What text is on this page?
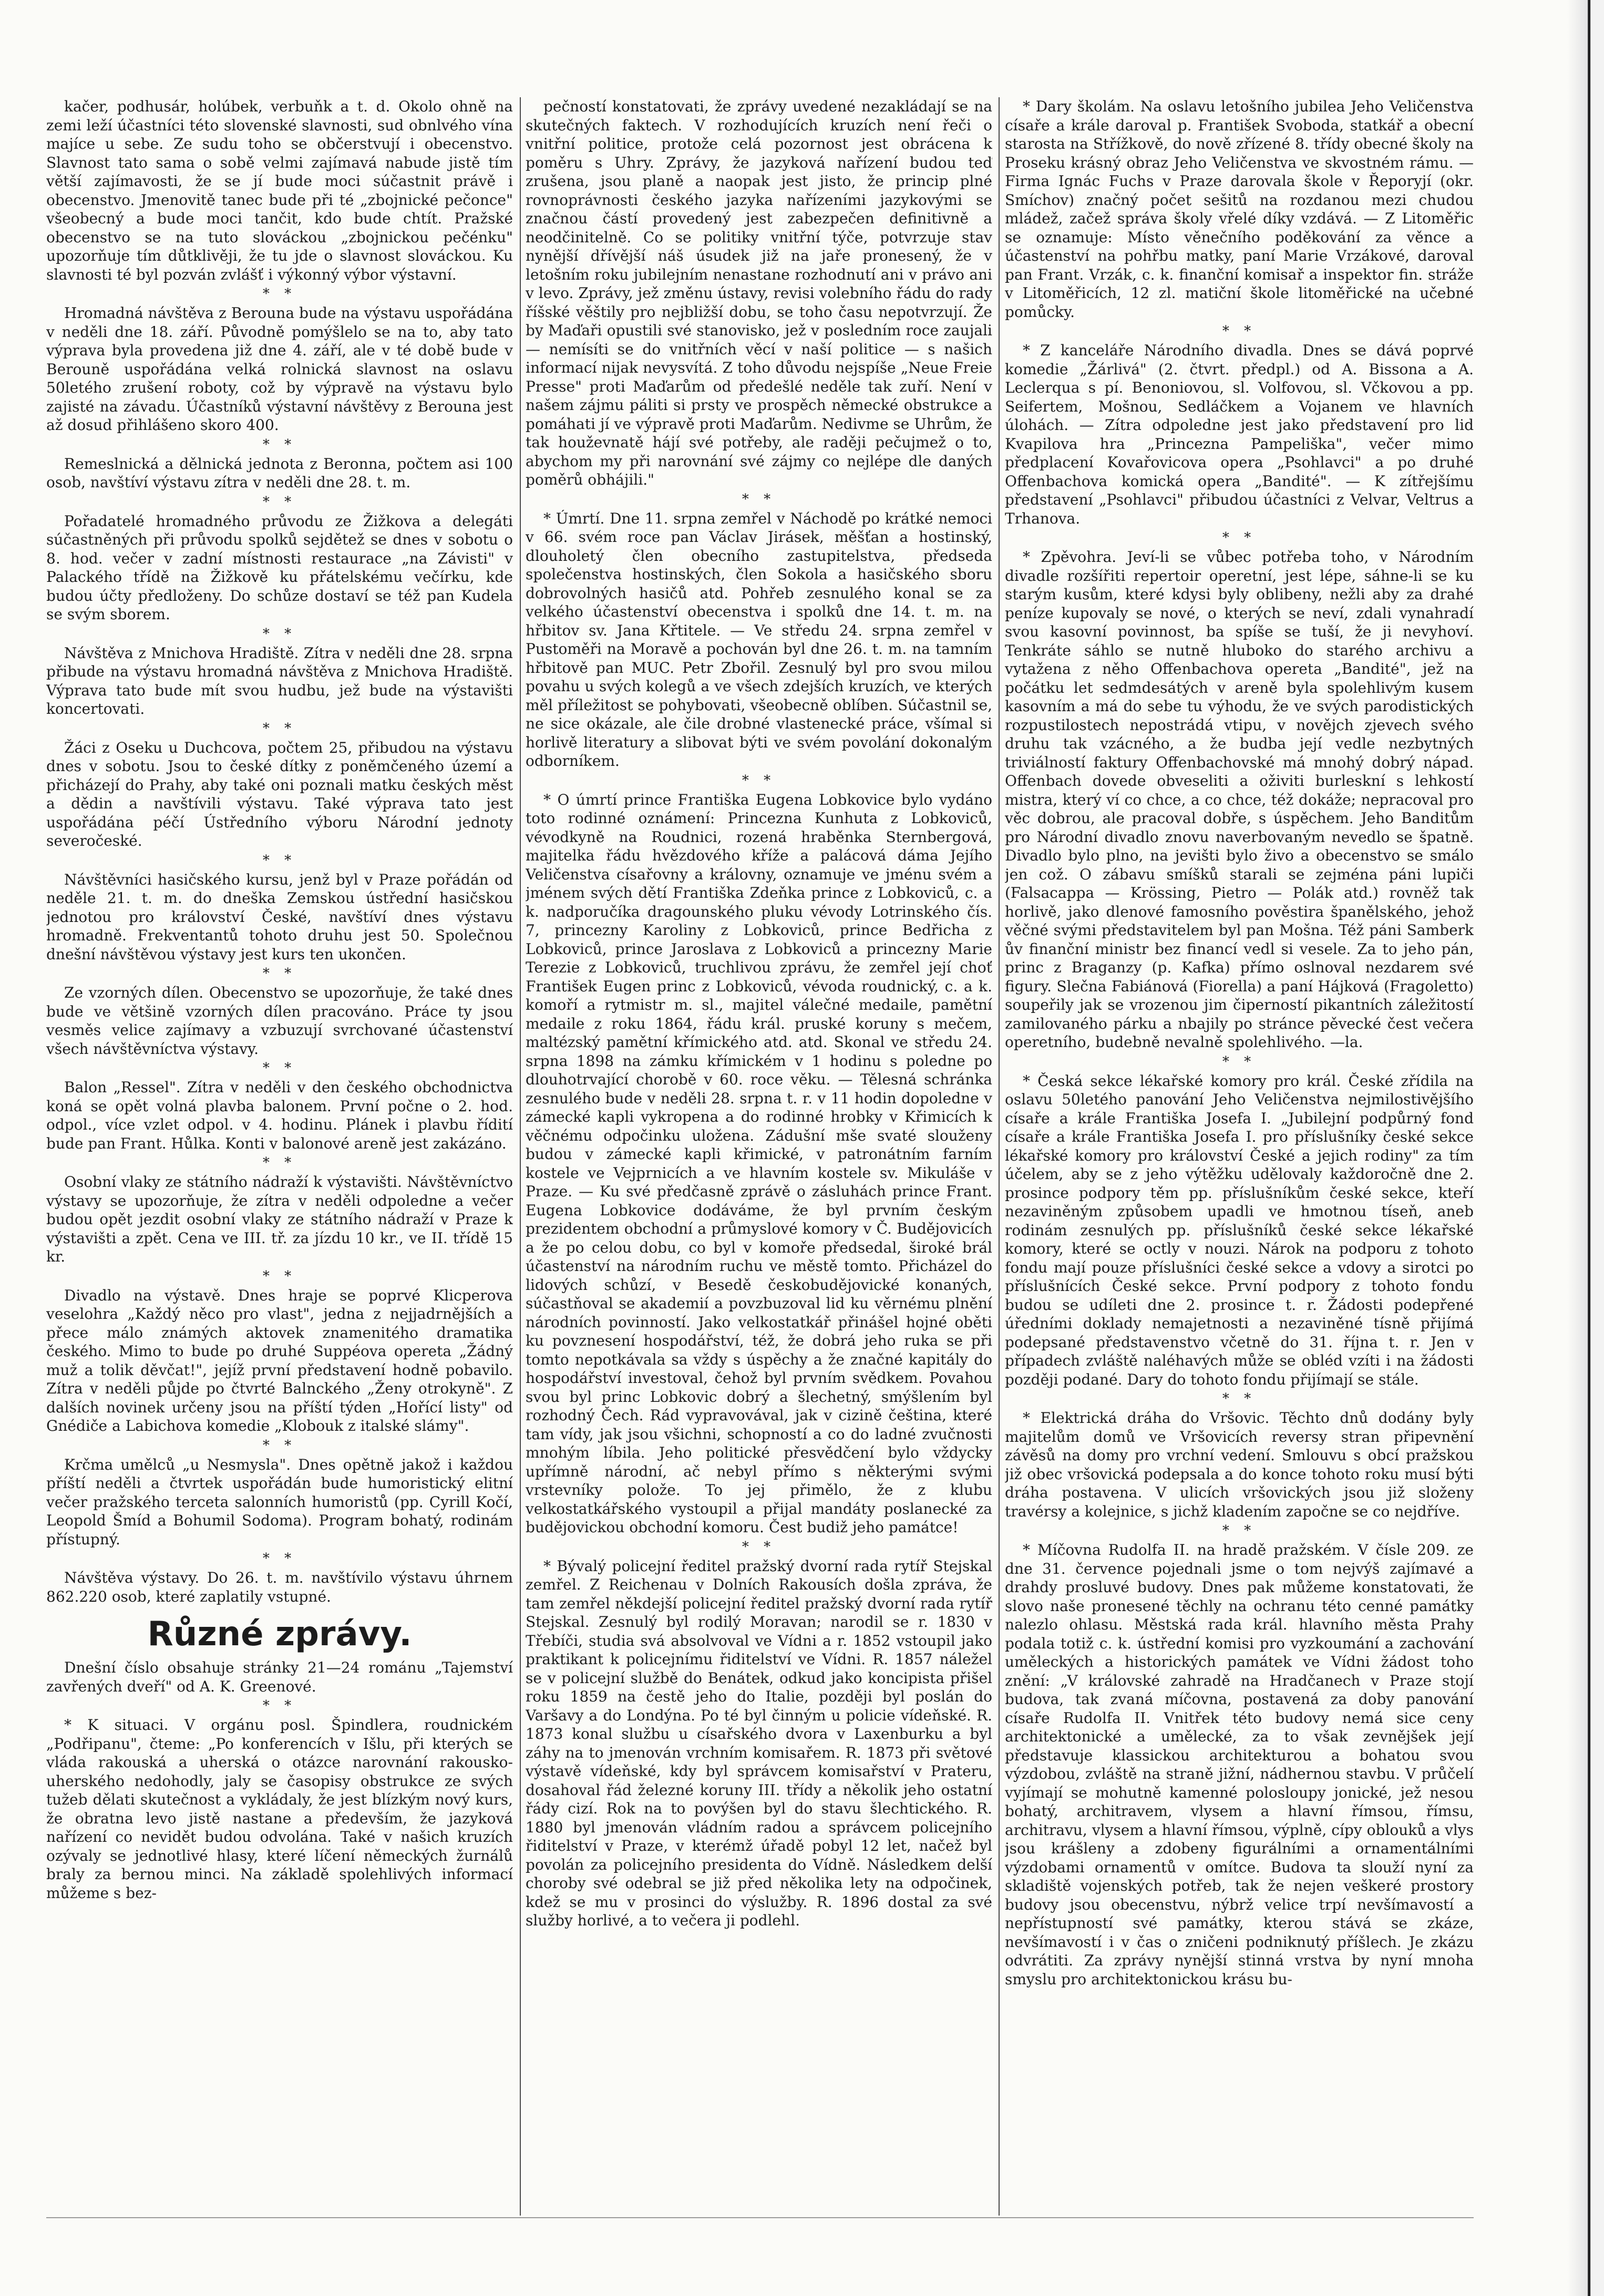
kačer, podhusár, holúbek, verbuňk a t. d. Okolo ohně na zemi leží účastníci této slovenské slavnosti, sud obnlvého vína majíce u sebe. Ze sudu toho se občerstvují i obecenstvo. Slavnost tato sama o sobě velmi zajímavá nabude jistě tím větší zajímavosti, že se jí bude moci súčastnit právě i obecenstvo. Jmenovitě tanec bude při té „zbojnické pečonce" všeobecný a bude moci tančit, kdo bude chtít. Pražské obecenstvo se na tuto slováckou „zbojnickou pečénku" upozorňuje tím důtklivěji, že tu jde o slavnost slováckou. Ku slavnosti té byl pozván zvlášť i výkonný výbor výstavní.

* *

Hromadná návštěva z Berouna bude na výstavu uspořádána v neděli dne 18. září. Původně pomýšlelo se na to, aby tato výprava byla provedena již dne 4. září, ale v té době bude v Berouně uspořádána velká rolnická slavnost na oslavu 50letého zrušení roboty, což by výpravě na výstavu bylo zajisté na závadu. Účastníků výstavní návštěvy z Berouna jest až dosud přihlášeno skoro 400.

* *

Remeslnická a dělnická jednota z Beronna, počtem asi 100 osob, navštíví výstavu zítra v neděli dne 28. t. m.

* *

Pořadatelé hromadného průvodu ze Žižkova a delegáti súčastněných při průvodu spolků sejdětež se dnes v sobotu o 8. hod. večer v zadní místnosti restaurace „na Závisti" v Palackého třídě na Žižkově ku přátelskému večírku, kde budou účty předloženy. Do schůze dostaví se též pan Kudela se svým sborem.

* *

Návštěva z Mnichova Hradiště. Zítra v neděli dne 28. srpna přibude na výstavu hromadná návštěva z Mnichova Hradiště. Výprava tato bude mít svou hudbu, jež bude na výstavišti koncertovati.

* *

Žáci z Oseku u Duchcova, počtem 25, přibudou na výstavu dnes v sobotu. Jsou to české dítky z poněmčeného území a přicházejí do Prahy, aby také oni poznali matku českých měst a dědin a navštívili výstavu. Také výprava tato jest uspořádána péčí Ústředního výboru Národní jednoty severočeské.

* *

Návštěvníci hasičského kursu, jenž byl v Praze pořádán od neděle 21. t. m. do dneška Zemskou ústřední hasičskou jednotou pro království České, navštíví dnes výstavu hromadně. Frekventantů tohoto druhu jest 50. Společnou dnešní návštěvou výstavy jest kurs ten ukončen.

* *

Ze vzorných dílen. Obecenstvo se upozorňuje, že také dnes bude ve většině vzorných dílen pracováno. Práce ty jsou vesměs velice zajímavy a vzbuzují svrchované účastenství všech návštěvníctva výstavy.

* *

Balon „Ressel". Zítra v neděli v den českého obchodnictva koná se opět volná plavba balonem. První počne o 2. hod. odpol., více vzlet odpol. v 4. hodinu. Plánek i plavbu řídití bude pan Frant. Hůlka. Konti v balonové areně jest zakázáno.

* *

Osobní vlaky ze státního nádraží k výstavišti. Návštěvníctvo výstavy se upozorňuje, že zítra v neděli odpoledne a večer budou opět jezdit osobní vlaky ze státního nádraží v Praze k výstavišti a zpět. Cena ve III. tř. za jízdu 10 kr., ve II. třídě 15 kr.

* *

Divadlo na výstavě. Dnes hraje se poprvé Klicperova veselohra „Každý něco pro vlast", jedna z nejjadrnějších a přece málo známých aktovek znamenitého dramatika českého. Mimo to bude po druhé Suppéova opereta „Žádný muž a tolik děvčat!", jejíž první představení hodně pobavilo. Zítra v neděli půjde po čtvrté Balnckého „Ženy otrokyně". Z dalších novinek určeny jsou na příští týden „Hořící listy" od Gnédiče a Labichova komedie „Klobouk z italské slámy".

* *

Krčma umělců „u Nesmysla". Dnes opětně jakož i každou příští neděli a čtvrtek uspořádán bude humoristický elitní večer pražského terceta salonních humoristů (pp. Cyrill Kočí, Leopold Šmíd a Bohumil Sodoma). Program bohatý, rodinám přístupný.

* *

Návštěva výstavy. Do 26. t. m. navštívilo výstavu úhrnem 862.220 osob, které zaplatily vstupné.

Různé zprávy.

Dnešní číslo obsahuje stránky 21—24 románu „Tajemství zavřených dveří" od A. K. Greenové.

* *

* K situaci. V orgánu posl. Špindlera, roudnickém „Podřipanu", čteme: „Po konferencích v Išlu, při kterých se vláda rakouská a uherská o otázce narovnání rakousko-uherského nedohodly, jaly se časopisy obstrukce ze svých tužeb dělati skutečnost a vykládaly, že jest blízkým nový kurs, že obratna levo jistě nastane a především, že jazyková nařízení co nevidět budou odvolána. Také v našich kruzích ozývaly se jednotlivé hlasy, které líčení německých žurnálů braly za bernou minci. Na základě spolehlivých informací můžeme s bez-

pečností konstatovati, že zprávy uvedené nezakládají se na skutečných faktech. V rozhodujících kruzích není řeči o vnitřní politice, protože celá pozornost jest obrácena k poměru s Uhry. Zprávy, že jazyková nařízení budou teď zrušena, jsou planě a naopak jest jisto, že princip plné rovnoprávnosti českého jazyka nařízeními jazykovými se značnou částí provedený jest zabezpečen definitivně a neodčinitelně. Co se politiky vnitřní týče, potvrzuje stav nynější dřívější náš úsudek již na jaře pronesený, že v letošním roku jubilejním nenastane rozhodnutí ani v právo ani v levo. Zprávy, jež změnu ústavy, revisi volebního řádu do rady říšské věštily pro nejbližší dobu, se toho času nepotvrzují. Že by Maďaři opustili své stanovisko, jež v posledním roce zaujali — nemísíti se do vnitřních věcí v naší politice — s našich informací nijak nevysvítá. Z toho důvodu nejspíše „Neue Freie Presse" proti Maďarům od předešlé neděle tak zuří. Není v našem zájmu páliti si prsty ve prospěch německé obstrukce a pomáhati jí ve výpravě proti Maďarům. Nedivme se Uhrům, že tak houževnatě hájí své potřeby, ale raději pečujmež o to, abychom my při narovnání své zájmy co nejlépe dle daných poměrů obhájili."

* *

* Úmrtí. Dne 11. srpna zemřel v Náchodě po krátké nemoci v 66. svém roce pan Václav Jirásek, měšťan a hostinský, dlouholetý člen obecního zastupitelstva, předseda společenstva hostinských, člen Sokola a hasičského sboru dobrovolných hasičů atd. Pohřeb zesnulého konal se za velkého účastenství obecenstva i spolků dne 14. t. m. na hřbitov sv. Jana Křtitele. — Ve středu 24. srpna zemřel v Pustoměři na Moravě a pochován byl dne 26. t. m. na tamním hřbitově pan MUC. Petr Zbořil. Zesnulý byl pro svou milou povahu u svých kolegů a ve všech zdejších kruzích, ve kterých měl příležitost se pohybovati, všeobecně oblíben. Súčastnil se, ne sice okázale, ale čile drobné vlastenecké práce, všímal si horlivě literatury a slibovat býti ve svém povolání dokonalým odborníkem.

* *

* O úmrtí prince Františka Eugena Lobkovice bylo vydáno toto rodinné oznámení: Princezna Kunhuta z Lobkoviců, vévodkyně na Roudnici, rozená hraběnka Sternbergová, majitelka řádu hvězdového kříže a palácová dáma Jejího Veličenstva císařovny a královny, oznamuje ve jménu svém a jménem svých dětí Františka Zdeňka prince z Lobkoviců, c. a k. nadporučíka dragounského pluku vévody Lotrinského čís. 7, princezny Karoliny z Lobkoviců, prince Bedřicha z Lobkoviců, prince Jaroslava z Lobkoviců a princezny Marie Terezie z Lobkoviců, truchlivou zprávu, že zemřel její choť František Eugen princ z Lobkoviců, vévoda roudnický, c. a k. komoří a rytmistr m. sl., majitel válečné medaile, pamětní medaile z roku 1864, řádu král. pruské koruny s mečem, maltézský pamětní křímického atd. atd. Skonal ve středu 24. srpna 1898 na zámku křímickém v 1 hodinu s poledne po dlouhotrvající chorobě v 60. roce věku. — Tělesná schránka zesnulého bude v neděli 28. srpna t. r. v 11 hodin dopoledne v zámecké kapli vykropena a do rodinné hrobky v Křimicích k věčnému odpočinku uložena. Zádušní mše svaté slouženy budou v zámecké kapli křimické, v patronátním farním kostele ve Vejprnicích a ve hlavním kostele sv. Mikuláše v Praze. — Ku své předčasně zprávě o zásluhách prince Frant. Eugena Lobkovice dodáváme, že byl prvním českým prezidentem obchodní a průmyslové komory v Č. Budějovicích a že po celou dobu, co byl v komoře předsedal, široké brál účastenství na národním ruchu ve městě tomto. Přicházel do lidových schůzí, v Besedě českobudějovické konaných, súčastňoval se akademií a povzbuzoval lid ku věrnému plnění národních povinností. Jako velkostatkář přinášel hojné oběti ku povznesení hospodářství, též, že dobrá jeho ruka se při tomto nepotkávala sa vždy s úspěchy a že značné kapitály do hospodářství investoval, čehož byl prvním svědkem. Povahou svou byl princ Lobkovic dobrý a šlechetný, smýšlením byl rozhodný Čech. Rád vypravovával, jak v cizině čeština, které tam vídy, jak jsou všichni, schopností a co do ladné zvučnosti mnohým líbila. Jeho politické přesvědčení bylo vždycky upřímně národní, ač nebyl přímo s některými svými vrstevníky polože. To jej přimělo, že z klubu velkostatkářského vystoupil a přijal mandáty poslanecké za budějovickou obchodní komoru. Čest budiž jeho památce!

* *

* Bývalý policejní ředitel pražský dvorní rada rytíř Stejskal zemřel. Z Reichenau v Dolních Rakousích došla zpráva, že tam zemřel někdejší policejní ředitel pražský dvorní rada rytíř Stejskal. Zesnulý byl rodilý Moravan; narodil se r. 1830 v Třebíči, studia svá absolvoval ve Vídni a r. 1852 vstoupil jako praktikant k policejnímu řiditelství ve Vídni. R. 1857 náležel se v policejní službě do Benátek, odkud jako koncipista přišel roku 1859 na čestě jeho do Italie, později byl poslán do Varšavy a do Londýna. Po té byl činným u policie vídeňské. R. 1873 konal službu u císařského dvora v Laxenburku a byl záhy na to jmenován vrchním komisařem. R. 1873 při světové výstavě vídeňské, kdy byl správcem komisařství v Prateru, dosahoval řád železné koruny III. třídy a několik jeho ostatní řády cizí. Rok na to povýšen byl do stavu šlechtického. R. 1880 byl jmenován vládním radou a správcem policejního řiditelství v Praze, v kterémž úřadě pobyl 12 let, načež byl povolán za policejního presidenta do Vídně. Následkem delší choroby své odebral se již před několika lety na odpočinek, kdež se mu v prosinci do výslužby. R. 1896 dostal za své služby horlivé, a to večera ji podlehl.

* Dary školám. Na oslavu letošního jubilea Jeho Veličenstva císaře a krále daroval p. František Svoboda, statkář a obecní starosta na Střížkově, do nově zřízené 8. třídy obecné školy na Proseku krásný obraz Jeho Veličenstva ve skvostném rámu. — Firma Ignác Fuchs v Praze darovala škole v Řeporyjí (okr. Smíchov) značný počet sešitů na rozdanou mezi chudou mládež, začež správa školy vřelé díky vzdává. — Z Litoměřic se oznamuje: Místo věnečního poděkování za věnce a účastenství na pohřbu matky, paní Marie Vrzákové, daroval pan Frant. Vrzák, c. k. finanční komisař a inspektor fin. stráže v Litoměřicích, 12 zl. matiční škole litoměřické na učebné pomůcky.

* *

* Z kanceláře Národního divadla. Dnes se dává poprvé komedie „Žárlivá" (2. čtvrt. předpl.) od A. Bissona a A. Leclerqua s pí. Benoniovou, sl. Volfovou, sl. Včkovou a pp. Seifertem, Mošnou, Sedláčkem a Vojanem ve hlavních úlohách. — Zítra odpoledne jest jako představení pro lid Kvapilova hra „Princezna Pampeliška", večer mimo předplacení Kovařovicova opera „Psohlavci" a po druhé Offenbachova komická opera „Bandité". — K zítřejšímu představení „Psohlavci" přibudou účastníci z Velvar, Veltrus a Trhanova.

* *

* Zpěvohra. Jeví-li se vůbec potřeba toho, v Národním divadle rozšířiti repertoir operetní, jest lépe, sáhne-li se ku starým kusům, které kdysi byly oblibeny, nežli aby za drahé peníze kupovaly se nové, o kterých se neví, zdali vynahradí svou kasovní povinnost, ba spíše se tuší, že ji nevyhoví. Tenkráte sáhlo se nutně hluboko do starého archivu a vytažena z něho Offenbachova opereta „Bandité", jež na počátku let sedmdesátých v areně byla spolehlivým kusem kasovním a má do sebe tu výhodu, že ve svých parodistických rozpustilostech nepostrádá vtipu, v novějch zjevech svého druhu tak vzácného, a že budba její vedle nezbytných triviálností faktury Offenbachovské má mnohý dobrý nápad. Offenbach dovede obveseliti a oživiti burleskní s lehkostí mistra, který ví co chce, a co chce, též dokáže; nepracoval pro věc dobrou, ale pracoval dobře, s úspěchem. Jeho Banditům pro Národní divadlo znovu naverbovaným nevedlo se špatně. Divadlo bylo plno, na jevišti bylo živo a obecenstvo se smálo jen což. O zábavu smíšků starali se zejména páni lupiči (Falsacappa — Krössing, Pietro — Polák atd.) rovněž tak horlivě, jako dlenové famosního pověstira španělského, jehož věčné svými představitelem byl pan Mošna. Též páni Samberk ův finanční ministr bez financí vedl si vesele. Za to jeho pán, princ z Braganzy (p. Kafka) přímo oslnoval nezdarem své figury. Slečna Fabiánová (Fiorella) a paní Hájková (Fragoletto) soupeřily jak se vrozenou jim čiperností pikantních záležitostí zamilovaného párku a nbajily po stránce pěvecké čest večera operetního, budebně nevalně spolehlivého. —la.

* *

* Česká sekce lékařské komory pro král. České zřídila na oslavu 50letého panování Jeho Veličenstva nejmilostivějšího císaře a krále Františka Josefa I. „Jubilejní podpůrný fond císaře a krále Františka Josefa I. pro příslušníky české sekce lékařské komory pro království České a jejich rodiny" za tím účelem, aby se z jeho výtěžku udělovaly každoročně dne 2. prosince podpory těm pp. příslušníkům české sekce, kteří nezaviněným způsobem upadli ve hmotnou tíseň, aneb rodinám zesnulých pp. příslušníků české sekce lékařské komory, které se octly v nouzi. Nárok na podporu z tohoto fondu mají pouze příslušníci české sekce a vdovy a sirotci po příslušnících České sekce. První podpory z tohoto fondu budou se udíleti dne 2. prosince t. r. Žádosti podepřené úředními doklady nemajetnosti a nezaviněné tísně přijímá podepsané představenstvo včetně do 31. října t. r. Jen v případech zvláště naléhavých může se obléd vzíti i na žádosti později podané. Dary do tohoto fondu přijímají se stále.

* *

* Elektrická dráha do Vršovic. Těchto dnů dodány byly majitelům domů ve Vršovicích reversy stran připevnění závěsů na domy pro vrchní vedení. Smlouvu s obcí pražskou již obec vršovická podepsala a do konce tohoto roku musí býti dráha postavena. V ulicích vršovických jsou již složeny travérsy a kolejnice, s jichž kladením započne se co nejdříve.

* *

* Míčovna Rudolfa II. na hradě pražském. V čísle 209. ze dne 31. července pojednali jsme o tom nejvýš zajímavé a drahdy prosluvé budovy. Dnes pak můžeme konstatovati, že slovo naše pronesené těchly na ochranu této cenné památky nalezlo ohlasu. Městská rada král. hlavního města Prahy podala totiž c. k. ústřední komisi pro vyzkoumání a zachování uměleckých a historických památek ve Vídni žádost toho znění: „V královské zahradě na Hradčanech v Praze stojí budova, tak zvaná míčovna, postavená za doby panování císaře Rudolfa II. Vnitřek této budovy nemá sice ceny architektonické a umělecké, za to však zevnějšek její představuje klassickou architekturou a bohatou svou výzdobou, zvláště na straně jižní, nádhernou stavbu. V průčelí vyjímají se mohutně kamenné polosloupy jonické, jež nesou bohatý, architravem, vlysem a hlavní římsou, římsu, architravu, vlysem a hlavní římsou, výplně, cípy oblouků a vlys jsou krášleny a zdobeny figurálními a ornamentálními výzdobami ornamentů v omítce. Budova ta slouží nyní za skladiště vojenských potřeb, tak že nejen veškeré prostory budovy jsou obecenstvu, nýbrž velice trpí nevšímavostí a nepřístupností své památky, kterou stává se zkáze, nevšímavostí i v čas o zničeni podniknutý příšlech. Je zkázu odvrátiti. Za zprávy nynější stinná vrstva by nyní mnoha smyslu pro architektonickou krásu bu-
